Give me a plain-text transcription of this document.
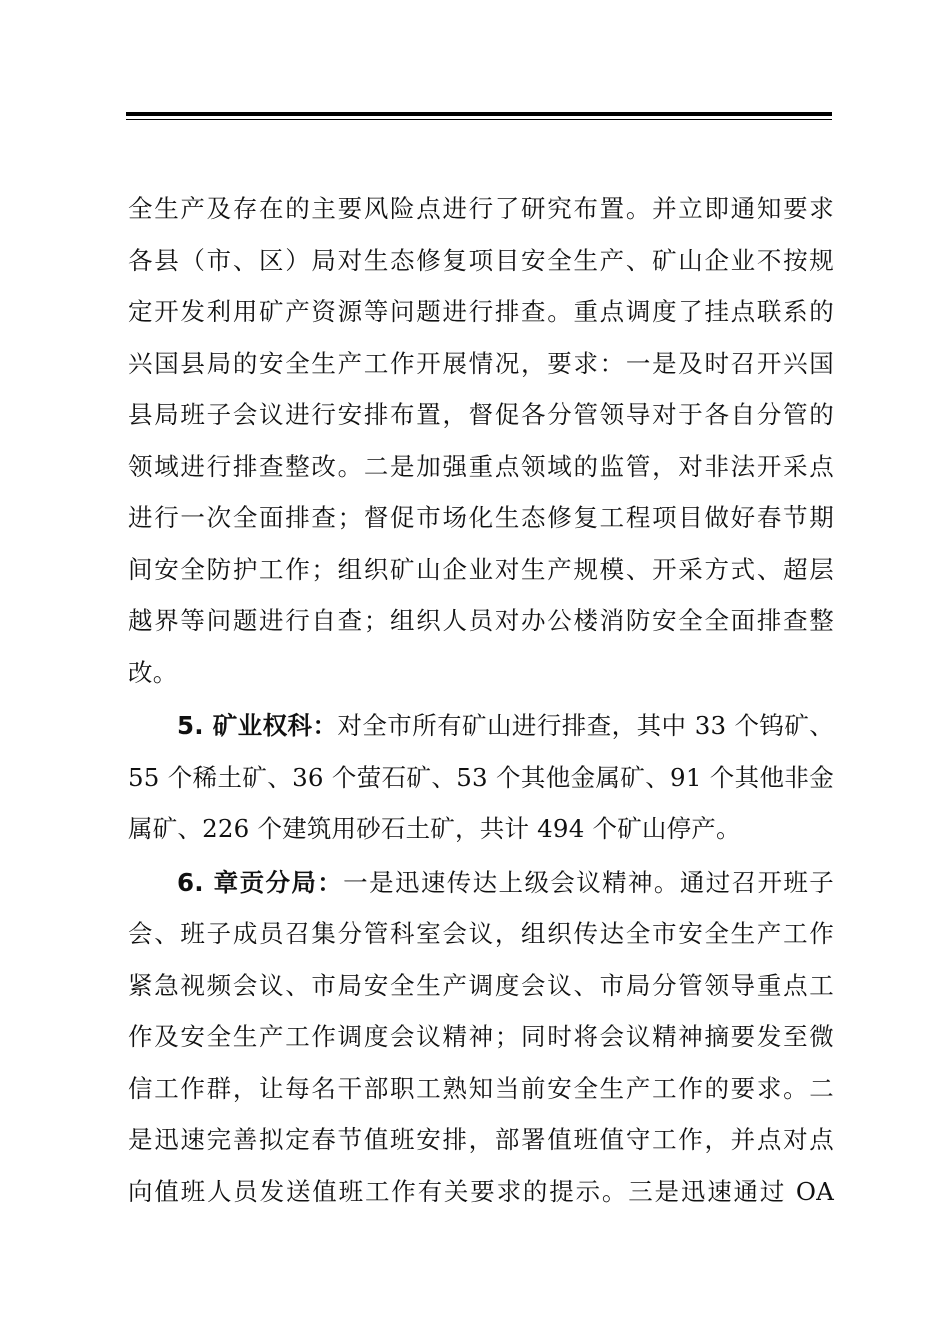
全生产及存在的主要风险点进行了研究布置。并立即通知要求
各县（市、区）局对生态修复项目安全生产、矿山企业不按规
定开发利用矿产资源等问题进行排查。重点调度了挂点联系的
兴国县局的安全生产工作开展情况，要求：一是及时召开兴国
县局班子会议进行安排布置，督促各分管领导对于各自分管的
领域进行排查整改。二是加强重点领域的监管，对非法开采点
进行一次全面排查；督促市场化生态修复工程项目做好春节期
间安全防护工作；组织矿山企业对生产规模、开采方式、超层
越界等问题进行自查；组织人员对办公楼消防安全全面排查整
改。
5. 矿业权科：对全市所有矿山进行排查，其中 33 个钨矿、
55 个稀土矿、36 个萤石矿、53 个其他金属矿、91 个其他非金
属矿、226 个建筑用砂石土矿，共计 494 个矿山停产。
6. 章贡分局：一是迅速传达上级会议精神。通过召开班子
会、班子成员召集分管科室会议，组织传达全市安全生产工作
紧急视频会议、市局安全生产调度会议、市局分管领导重点工
作及安全生产工作调度会议精神；同时将会议精神摘要发至微
信工作群，让每名干部职工熟知当前安全生产工作的要求。二
是迅速完善拟定春节值班安排，部署值班值守工作，并点对点
向值班人员发送值班工作有关要求的提示。三是迅速通过 OA
